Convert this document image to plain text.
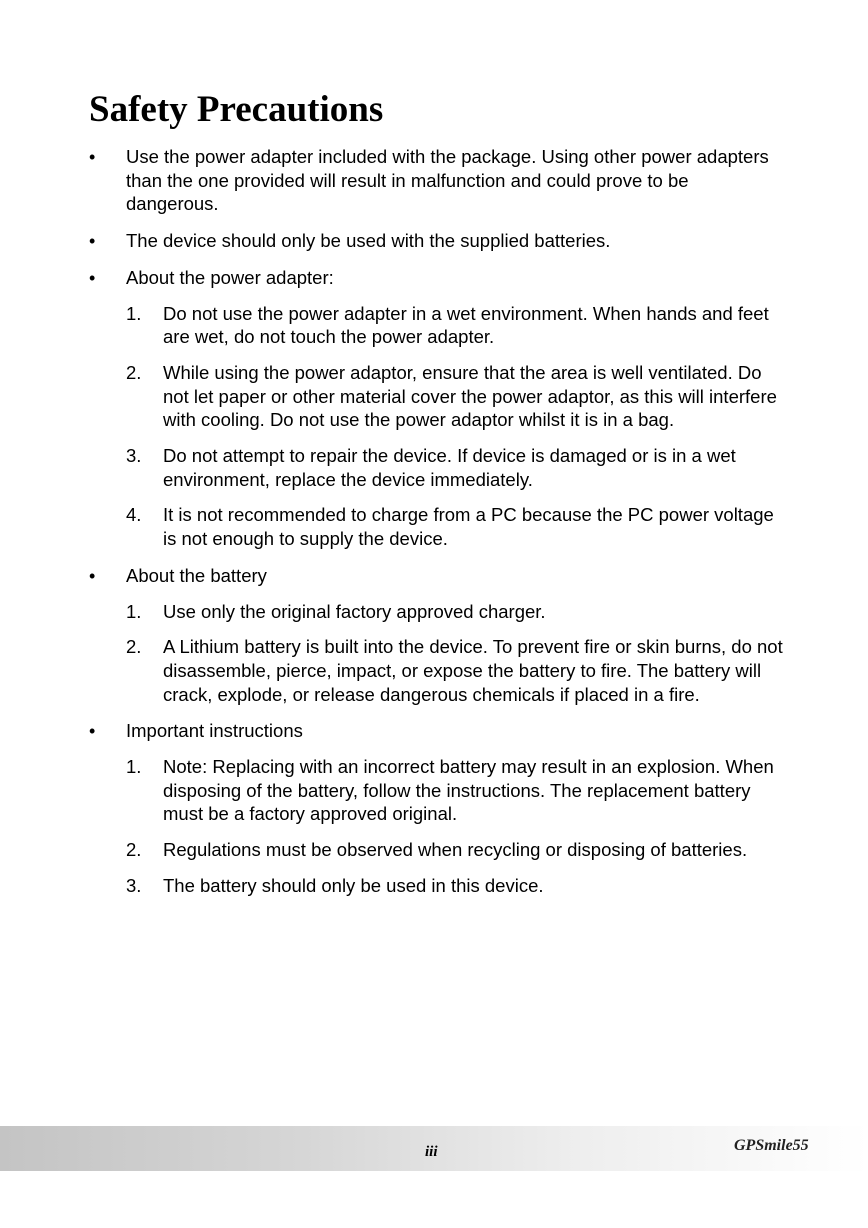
Safety Precautions
• Use the power adapter included with the package. Using other power adapters than the one provided will result in malfunction and could prove to be dangerous.
• The device should only be used with the supplied batteries.
• About the power adapter:
1. Do not use the power adapter in a wet environment. When hands and feet are wet, do not touch the power adapter.
2. While using the power adaptor, ensure that the area is well ventilated. Do not let paper or other material cover the power adaptor, as this will interfere with cooling. Do not use the power adaptor whilst it is in a bag.
3. Do not attempt to repair the device. If device is damaged or is in a wet environment, replace the device immediately.
4. It is not recommended to charge from a PC because the PC power voltage is not enough to supply the device.
• About the battery
1. Use only the original factory approved charger.
2. A Lithium battery is built into the device. To prevent fire or skin burns, do not disassemble, pierce, impact, or expose the battery to fire. The battery will crack, explode, or release dangerous chemicals if placed in a fire.
• Important instructions
1. Note: Replacing with an incorrect battery may result in an explosion. When disposing of the battery, follow the instructions. The replacement battery must be a factory approved original.
2. Regulations must be observed when recycling or disposing of batteries.
3. The battery should only be used in this device.
iii	GPSmile55
